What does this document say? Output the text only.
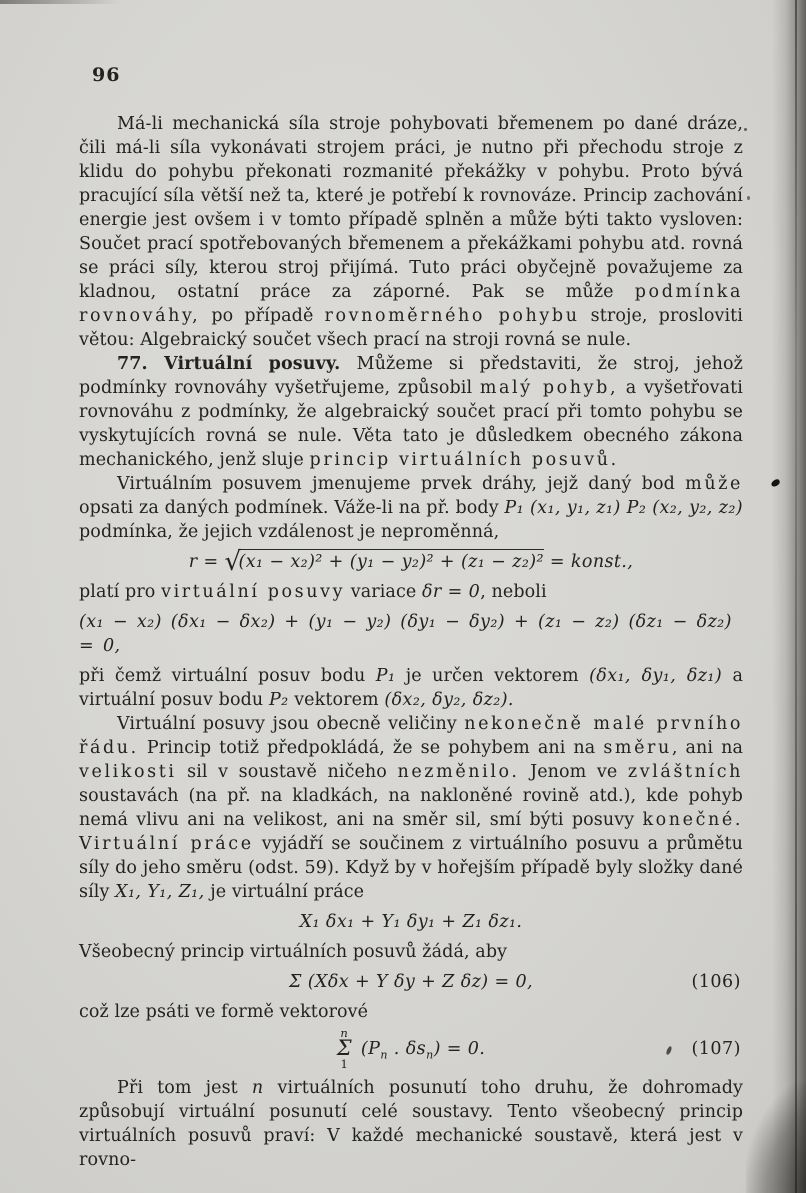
96

Má-li mechanická síla stroje pohybovati břemenem po dané dráze, čili má-li síla vykonávati strojem práci, je nutno při přechodu stroje z klidu do pohybu překonati rozmanité překážky v pohybu. Proto bývá pracující síla větší než ta, které je potřebí k rovnováze. Princip zachování energie jest ovšem i v tomto případě splněn a může býti takto vysloven: Součet prací spotřebovaných břemenem a překážkami pohybu atd. rovná se práci síly, kterou stroj přijímá. Tuto práci obyčejně považujeme za kladnou, ostatní práce za záporné. Pak se může podmínka rovnováhy, po případě rovnoměrného pohybu stroje, prosloviti větou: Algebraický součet všech prací na stroji rovná se nule.

77. Virtuální posuvy. Můžeme si představiti, že stroj, jehož podmínky rovnováhy vyšetřujeme, způsobil malý pohyb, a vyšetřovati rovnováhu z podmínky, že algebraický součet prací při tomto pohybu se vyskytujících rovná se nule. Věta tato je důsledkem obecného zákona mechanického, jenž sluje princip virtuálních posuvů.

Virtuálním posuvem jmenujeme prvek dráhy, jejž daný bod může opsati za daných podmínek. Váže-li na př. body P₁ (x₁, y₁, z₁) P₂ (x₂, y₂, z₂) podmínka, že jejich vzdálenost je neproměnná,

r = √(x₁ − x₂)² + (y₁ − y₂)² + (z₁ − z₂)² = konst.,

platí pro virtuální posuvy variace δr = 0, neboli

(x₁ − x₂) (δx₁ − δx₂) + (y₁ − y₂) (δy₁ − δy₂) + (z₁ − z₂) (δz₁ − δz₂) = 0,

při čemž virtuální posuv bodu P₁ je určen vektorem (δx₁, δy₁, δz₁) a virtuální posuv bodu P₂ vektorem (δx₂, δy₂, δz₂).

Virtuální posuvy jsou obecně veličiny nekonečně malé prvního řádu. Princip totiž předpokládá, že se pohybem ani na směru, ani na velikosti sil v soustavě ničeho nezměnilo. Jenom ve zvláštních soustavách (na př. na kladkách, na nakloněné rovině atd.), kde pohyb nemá vlivu ani na velikost, ani na směr sil, smí býti posuvy konečné. Virtuální práce vyjádří se součinem z virtuálního posuvu a průmětu síly do jeho směru (odst. 59). Když by v hořejším případě byly složky dané síly X₁, Y₁, Z₁, je virtuální práce

X₁ δx₁ + Y₁ δy₁ + Z₁ δz₁.

Všeobecný princip virtuálních posuvů žádá, aby

Σ (Xδx + Y δy + Z δz) = 0,	(106)

což lze psáti ve formě vektorové

n
Σ
1
($P_n$ . $\delta s_n) = 0$.	(107)

Při tom jest n virtuálních posunutí toho druhu, že dohromady způsobují virtuální posunutí celé soustavy. Tento všeobecný princip virtuálních posuvů praví: V každé mechanické soustavě, která jest v rovno-
